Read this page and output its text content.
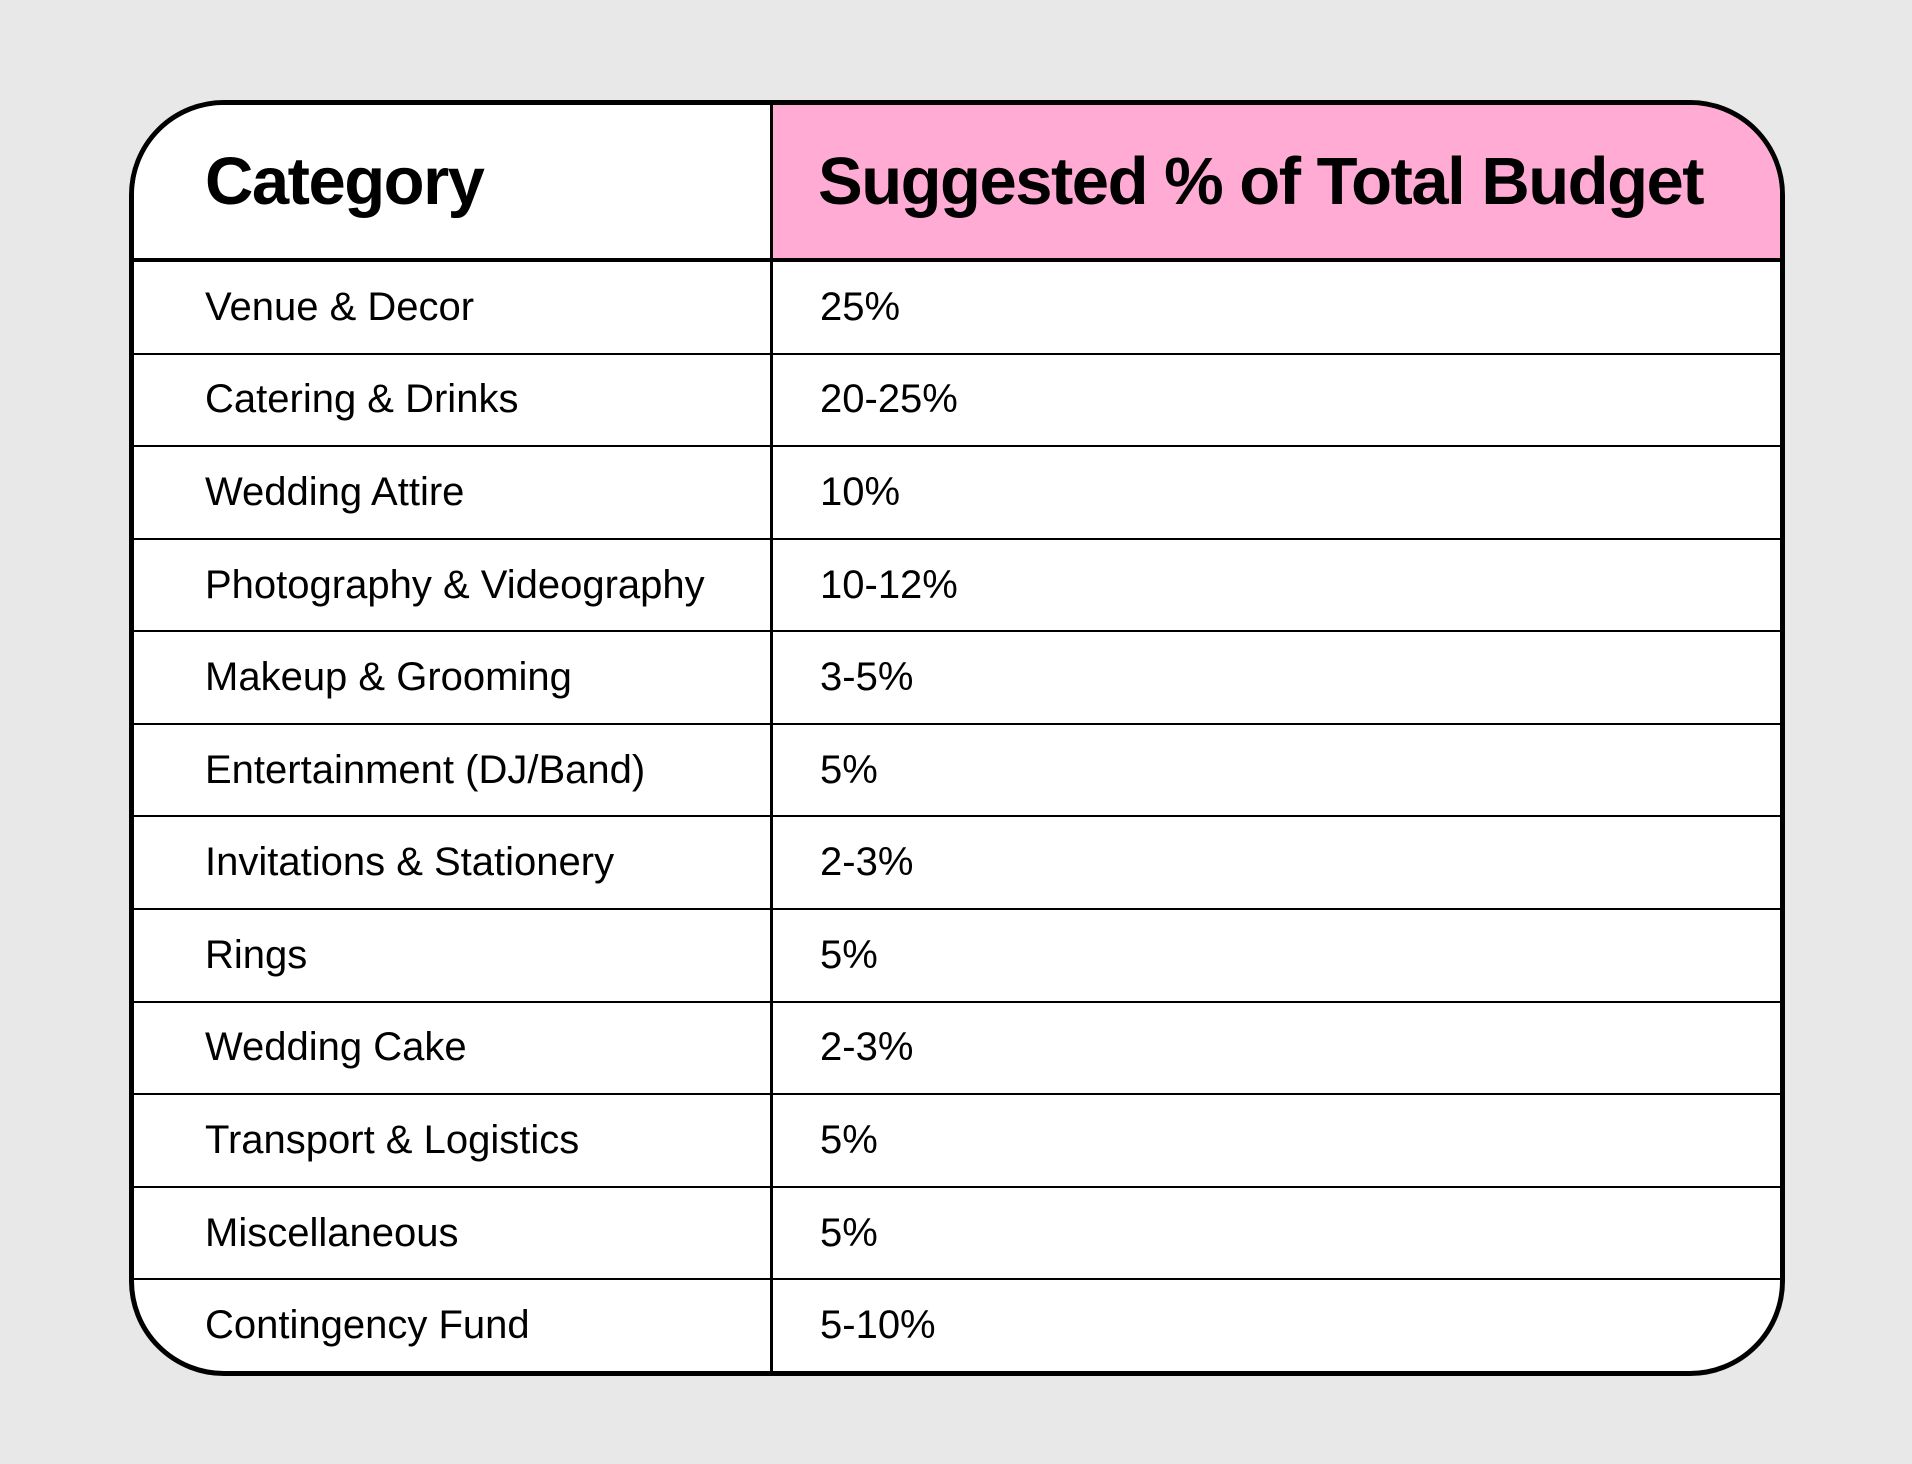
Category	Suggested % of Total Budget
Venue & Decor	25%
Catering & Drinks	20-25%
Wedding Attire	10%
Photography & Videography	10-12%
Makeup & Grooming	3-5%
Entertainment (DJ/Band)	5%
Invitations & Stationery	2-3%
Rings	5%
Wedding Cake	2-3%
Transport & Logistics	5%
Miscellaneous	5%
Contingency Fund	5-10%
